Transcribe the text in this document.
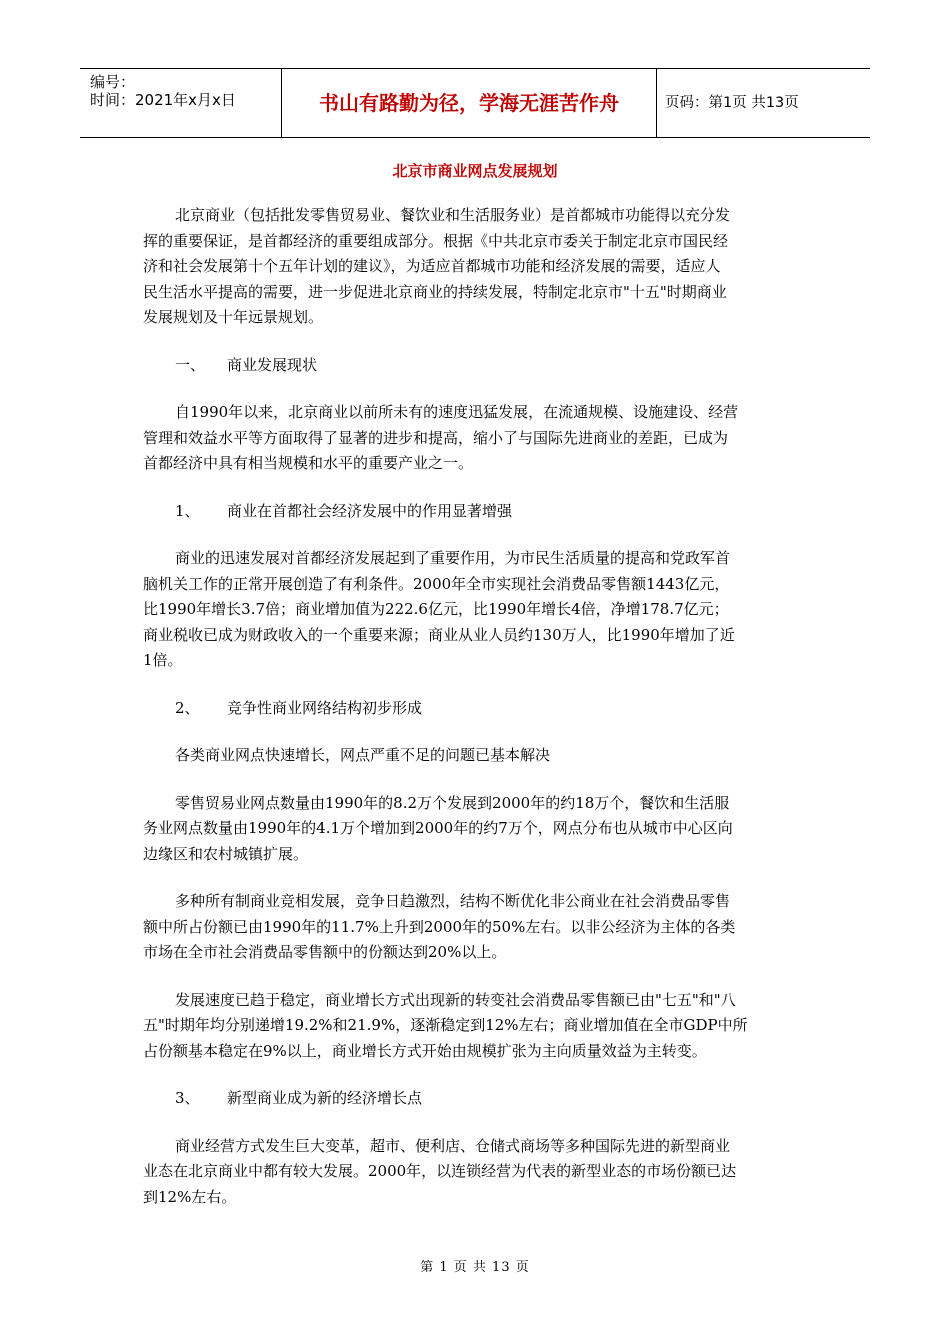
编号：
时间：2021年x月x日	书山有路勤为径，学海无涯苦作舟	页码：第1页 共13页
北京市商业网点发展规划

北京商业（包括批发零售贸易业、餐饮业和生活服务业）是首都城市功能得以充分发
挥的重要保证，是首都经济的重要组成部分。根据《中共北京市委关于制定北京市国民经
济和社会发展第十个五年计划的建议》，为适应首都城市功能和经济发展的需要，适应人
民生活水平提高的需要，进一步促进北京商业的持续发展，特制定北京市"十五"时期商业
发展规划及十年远景规划。

一、 商业发展现状

自1990年以来，北京商业以前所未有的速度迅猛发展，在流通规模、设施建设、经营
管理和效益水平等方面取得了显著的进步和提高，缩小了与国际先进商业的差距，已成为
首都经济中具有相当规模和水平的重要产业之一。

1、 商业在首都社会经济发展中的作用显著增强

商业的迅速发展对首都经济发展起到了重要作用，为市民生活质量的提高和党政军首
脑机关工作的正常开展创造了有利条件。2000年全市实现社会消费品零售额1443亿元，
比1990年增长3.7倍；商业增加值为222.6亿元，比1990年增长4倍，净增178.7亿元；
商业税收已成为财政收入的一个重要来源；商业从业人员约130万人，比1990年增加了近
1倍。

2、 竞争性商业网络结构初步形成

各类商业网点快速增长，网点严重不足的问题已基本解决

零售贸易业网点数量由1990年的8.2万个发展到2000年的约18万个，餐饮和生活服
务业网点数量由1990年的4.1万个增加到2000年的约7万个，网点分布也从城市中心区向
边缘区和农村城镇扩展。

多种所有制商业竞相发展，竞争日趋激烈，结构不断优化非公商业在社会消费品零售
额中所占份额已由1990年的11.7%上升到2000年的50%左右。以非公经济为主体的各类
市场在全市社会消费品零售额中的份额达到20%以上。

发展速度已趋于稳定，商业增长方式出现新的转变社会消费品零售额已由"七五"和"八
五"时期年均分别递增19.2%和21.9%，逐渐稳定到12%左右；商业增加值在全市GDP中所
占份额基本稳定在9%以上，商业增长方式开始由规模扩张为主向质量效益为主转变。

3、 新型商业成为新的经济增长点

商业经营方式发生巨大变革，超市、便利店、仓储式商场等多种国际先进的新型商业
业态在北京商业中都有较大发展。2000年，以连锁经营为代表的新型业态的市场份额已达
到12%左右。

第 1 页 共 13 页
